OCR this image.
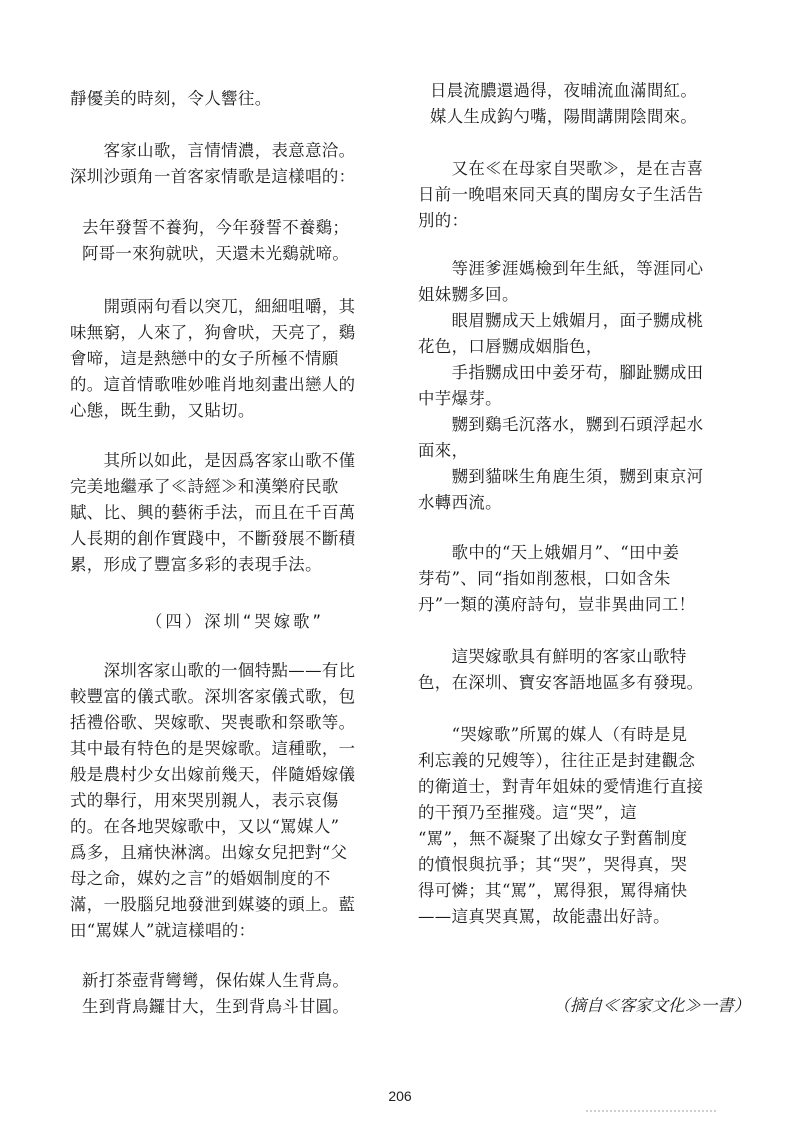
靜優美的時刻，令人響往。

　　客家山歌，言情情濃，表意意洽。
深圳沙頭角一首客家情歌是這樣唱的：

去年發誓不養狗，今年發誓不養鷄；
阿哥一來狗就吠，天還未光鷄就啼。

　　開頭兩句看以突兀，細細咀嚼，其
味無窮，人來了，狗會吠，天亮了，鷄
會啼，這是熱戀中的女子所極不情願
的。這首情歌唯妙唯肖地刻畫出戀人的
心態，既生動，又貼切。

　　其所以如此，是因爲客家山歌不僅
完美地繼承了≪詩經≫和漢樂府民歌
賦、比、興的藝術手法，而且在千百萬
人長期的創作實踐中，不斷發展不斷積
累，形成了豐富多彩的表現手法。

（四）深圳“哭嫁歌”

　　深圳客家山歌的一個特點——有比
較豐富的儀式歌。深圳客家儀式歌，包
括禮俗歌、哭嫁歌、哭喪歌和祭歌等。
其中最有特色的是哭嫁歌。這種歌，一
般是農村少女出嫁前幾天，伴隨婚嫁儀
式的舉行，用來哭別親人，表示哀傷
的。在各地哭嫁歌中，又以“罵媒人”
爲多，且痛快淋漓。出嫁女兒把對“父
母之命，媒妁之言”的婚姻制度的不
滿，一股腦兒地發泄到媒婆的頭上。藍
田“罵媒人”就這樣唱的：

新打茶壺背彎彎，保佑媒人生背鳥。
生到背鳥鑼甘大，生到背鳥斗甘圓。

日晨流膿還過得，夜晡流血滿間紅。
媒人生成鈎勺嘴，陽間講開陰間來。

　　又在≪在母家自哭歌≫，是在吉喜
日前一晚唱來同天真的閨房女子生活告
別的：

　　等涯爹涯媽檢到年生紙，等涯同心
姐妹嬲多回。
　　眼眉嬲成天上娥媚月，面子嬲成桃
花色，口唇嬲成姻脂色，
　　手指嬲成田中姜牙苟，腳趾嬲成田
中芋爆芽。
　　嬲到鷄毛沉落水，嬲到石頭浮起水
面來，
　　嬲到貓咪生角鹿生須，嬲到東京河
水轉西流。

　　歌中的“天上娥媚月”、“田中姜
芽苟”、同“指如削葱根，口如含朱
丹”一類的漢府詩句，豈非異曲同工！

　　這哭嫁歌具有鮮明的客家山歌特
色，在深圳、寶安客語地區多有發現。

　　“哭嫁歌”所罵的媒人（有時是見
利忘義的兄嫂等），往往正是封建觀念
的衛道士，對青年姐妹的愛情進行直接
的干預乃至摧殘。這“哭”，這
“罵”，無不凝聚了出嫁女子對舊制度
的憤恨與抗爭；其“哭”，哭得真，哭
得可憐；其“罵”，罵得狠，罵得痛快
——這真哭真罵，故能盡出好詩。

（摘自≪客家文化≫一書）

206
